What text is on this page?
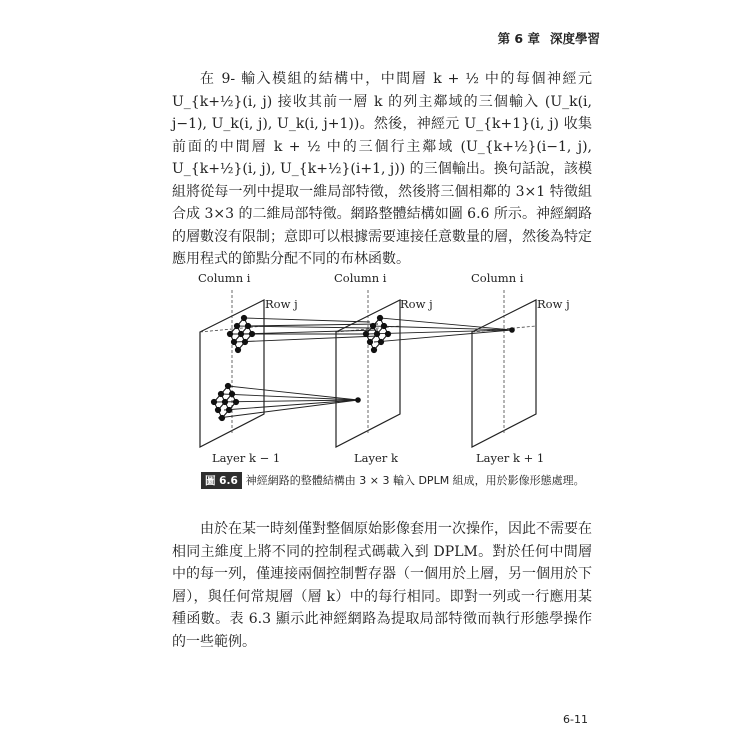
第 6 章 深度學習

在 9- 輸入模組的結構中，中間層 k + ½ 中的每個神經元 U_{k+½}(i, j) 接收其前一層 k 的列主鄰域的三個輸入 (U_k(i, j−1), U_k(i, j), U_k(i, j+1))。然後，神經元 U_{k+1}(i, j) 收集前面的中間層 k + ½ 中的三個行主鄰域 (U_{k+½}(i−1, j), U_{k+½}(i, j), U_{k+½}(i+1, j)) 的三個輸出。換句話說，該模組將從每一列中提取一維局部特徵，然後將三個相鄰的 3×1 特徵組合成 3×3 的二維局部特徵。網路整體結構如圖 6.6 所示。神經網路的層數沒有限制；意即可以根據需要連接任意數量的層，然後為特定應用程式的節點分配不同的布林函數。

Column i	Column i	Column i
Row j	Row j	Row j
Layer k − 1	Layer k	Layer k + 1
圖 6.6 神經網路的整體結構由 3 × 3 輸入 DPLM 組成，用於影像形態處理。

由於在某一時刻僅對整個原始影像套用一次操作，因此不需要在相同主維度上將不同的控制程式碼載入到 DPLM。對於任何中間層中的每一列，僅連接兩個控制暫存器（一個用於上層，另一個用於下層），與任何常規層（層 k）中的每行相同。即對一列或一行應用某種函數。表 6.3 顯示此神經網路為提取局部特徵而執行形態學操作的一些範例。

6-11
